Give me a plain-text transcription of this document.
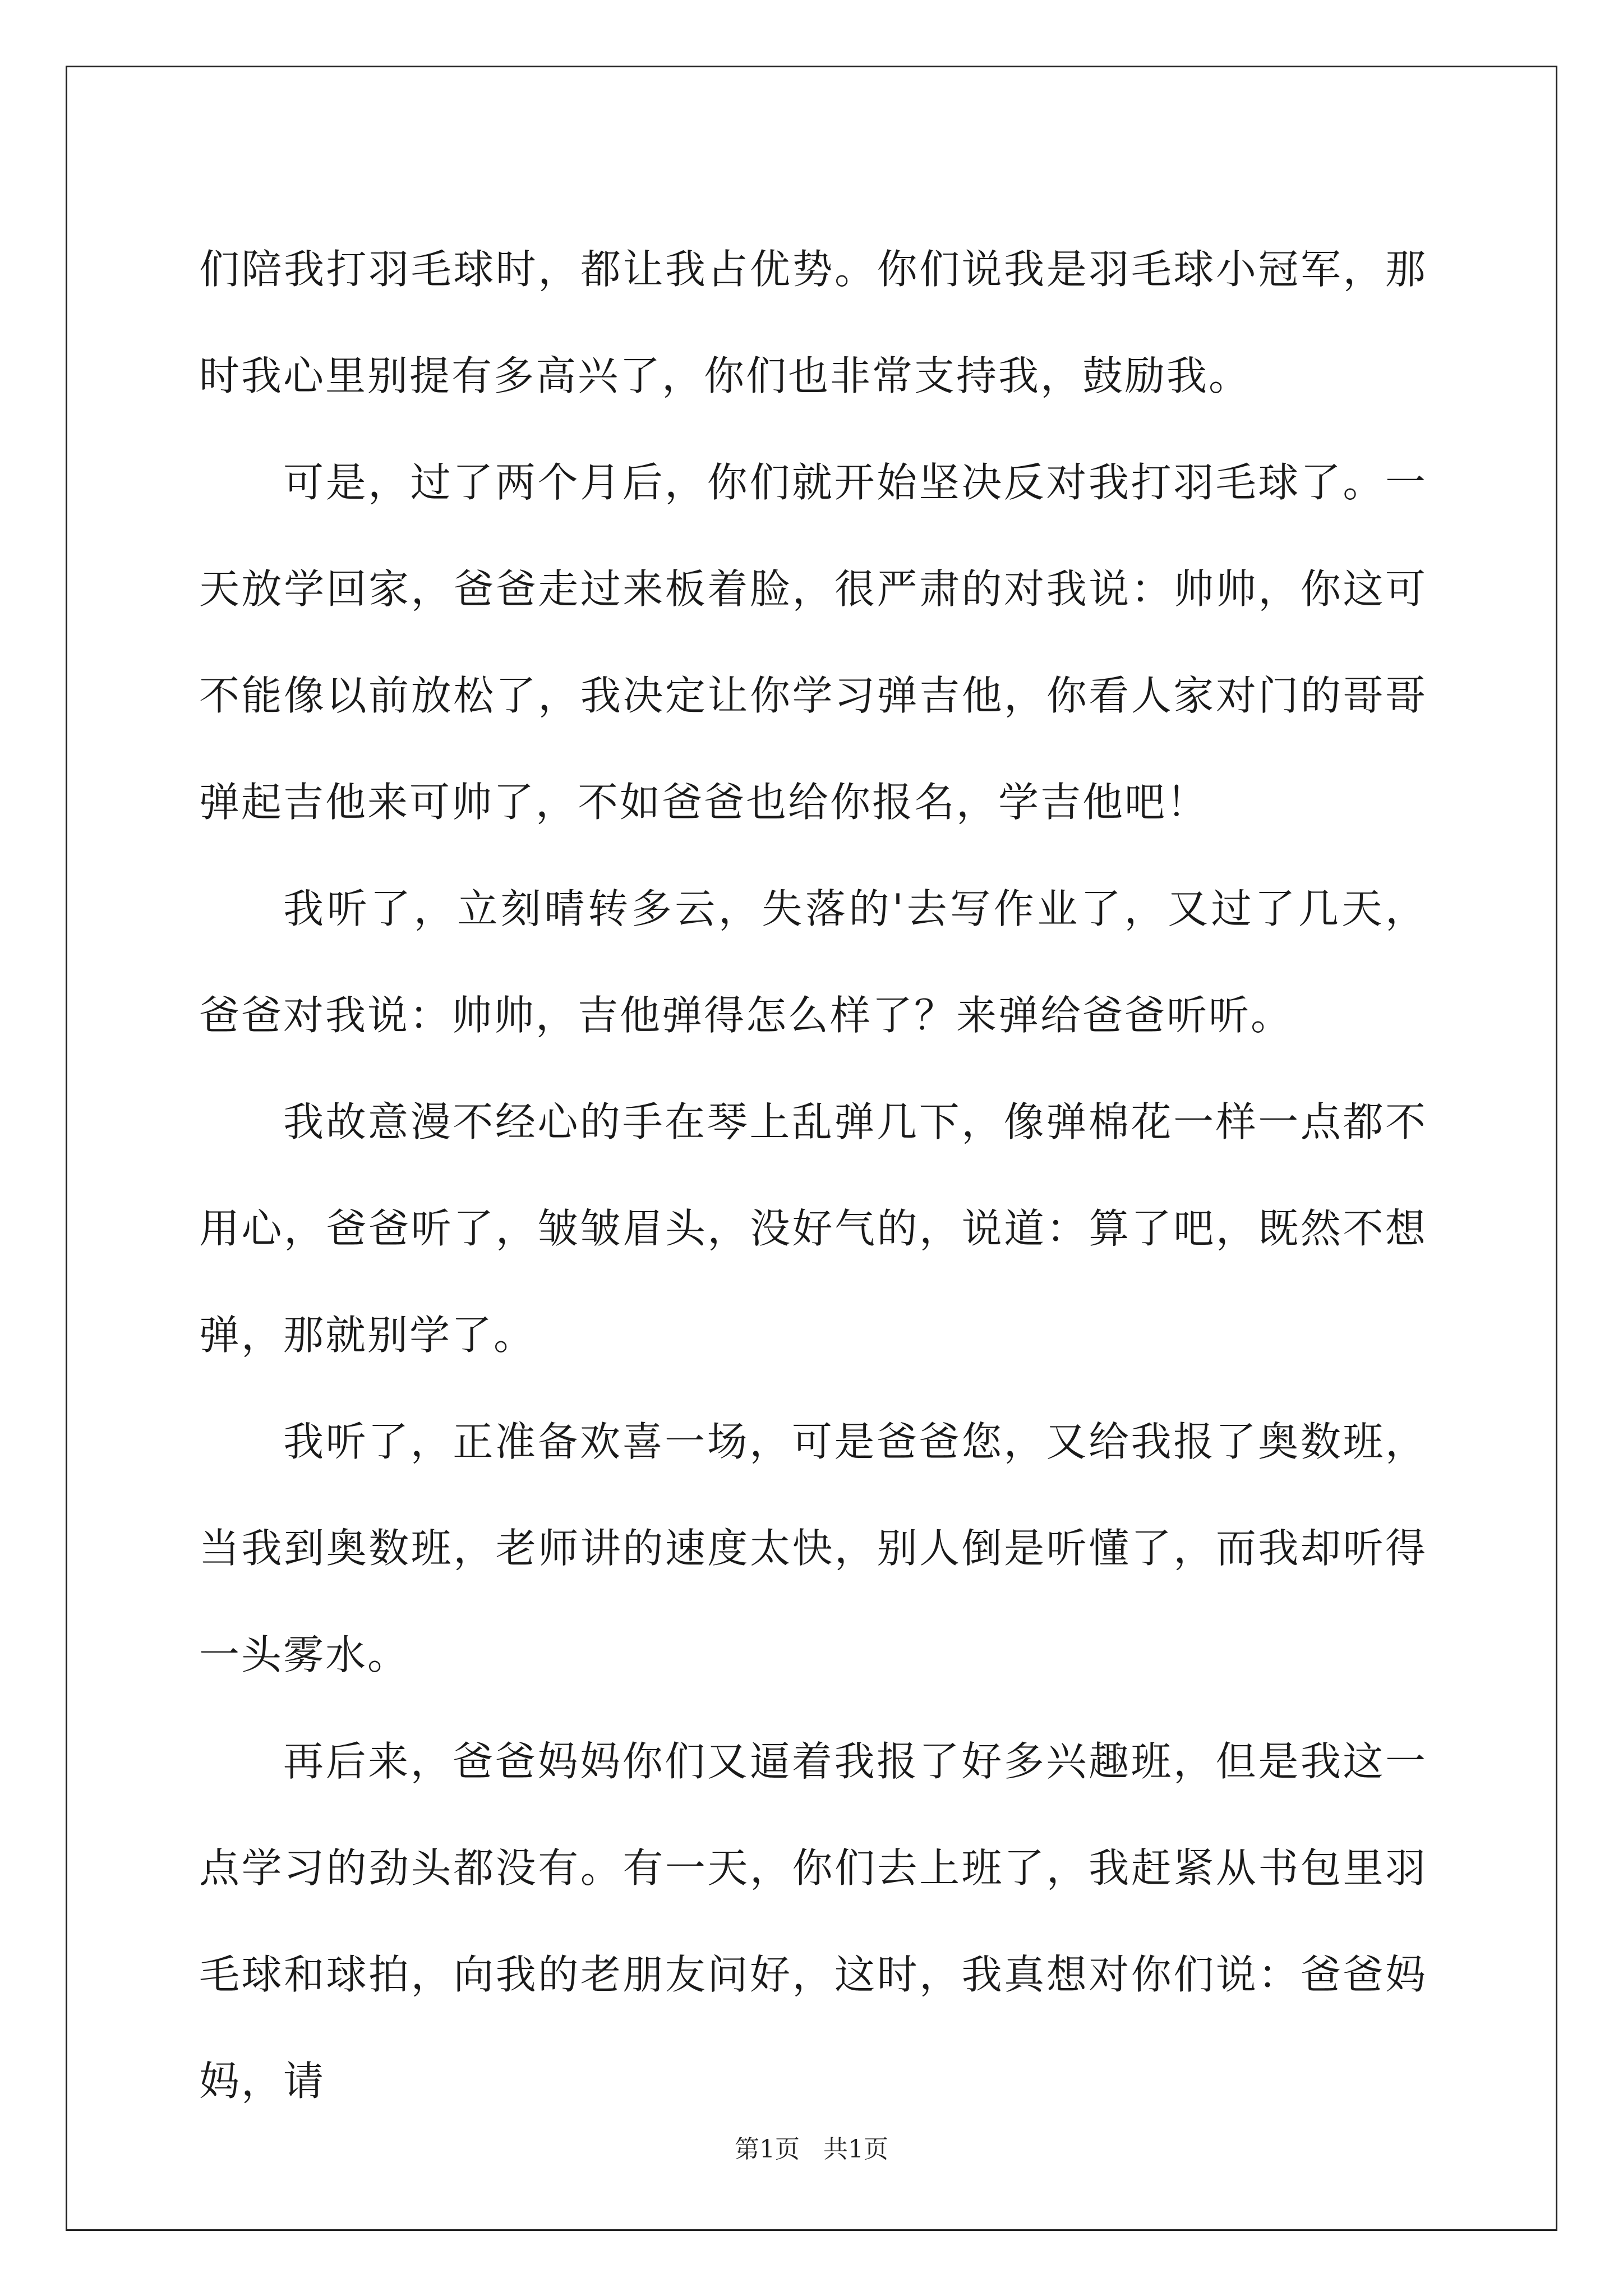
们陪我打羽毛球时，都让我占优势。你们说我是羽毛球小冠军，那时我心里别提有多高兴了，你们也非常支持我，鼓励我。

可是，过了两个月后，你们就开始坚决反对我打羽毛球了。一天放学回家，爸爸走过来板着脸，很严肃的对我说：帅帅，你这可不能像以前放松了，我决定让你学习弹吉他，你看人家对门的哥哥弹起吉他来可帅了，不如爸爸也给你报名，学吉他吧！

我听了，立刻晴转多云，失落的'去写作业了，又过了几天，爸爸对我说：帅帅，吉他弹得怎么样了？来弹给爸爸听听。

我故意漫不经心的手在琴上乱弹几下，像弹棉花一样一点都不用心，爸爸听了，皱皱眉头，没好气的，说道：算了吧，既然不想弹，那就别学了。

我听了，正准备欢喜一场，可是爸爸您，又给我报了奥数班，当我到奥数班，老师讲的速度太快，别人倒是听懂了，而我却听得一头雾水。

再后来，爸爸妈妈你们又逼着我报了好多兴趣班，但是我这一点学习的劲头都没有。有一天，你们去上班了，我赶紧从书包里羽毛球和球拍，向我的老朋友问好，这时，我真想对你们说：爸爸妈妈，请

第1页 共1页
